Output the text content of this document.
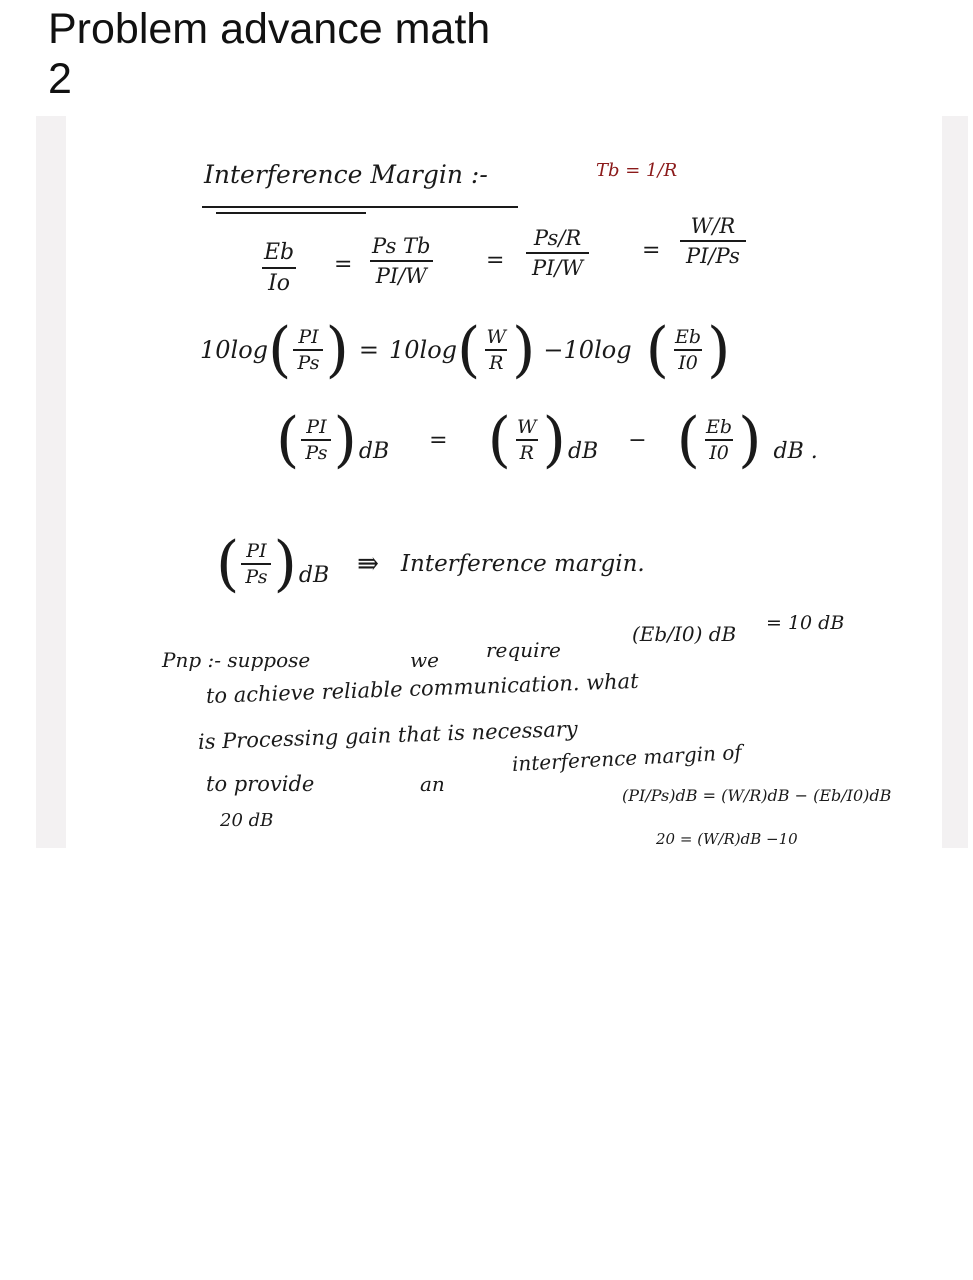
Problem advance math
2
Interference Margin :-	Tb = 1/R
$\frac{Eb}{Io} = \frac{\text{Ps Tb}}{PI/W} = \frac{Ps/R}{PI/W} = \frac{W/R}{PI/Ps}$
10log ( $\frac{PI}{Ps}$ ) = 10log ( $\frac{W}{R}$ ) −10log ( $\frac{Eb}{I0}$ )
( $\frac{PI}{Ps}$ ) dB = ( $\frac{W}{R}$ ) dB − ( $\frac{Eb}{I0}$ ) dB .
( $\frac{PI}{Ps}$ ) dB ⇛ Interference margin.
Pnp :- suppose	we require
(Eb/I0) dB = 10 dB
to achieve reliable communication. what
is Processing gain that is necessary
to provide	an
interference margin of
20 dB
(PI/Ps)dB = (W/R)dB − (Eb/I0)dB
20 = (W/R)dB −10
